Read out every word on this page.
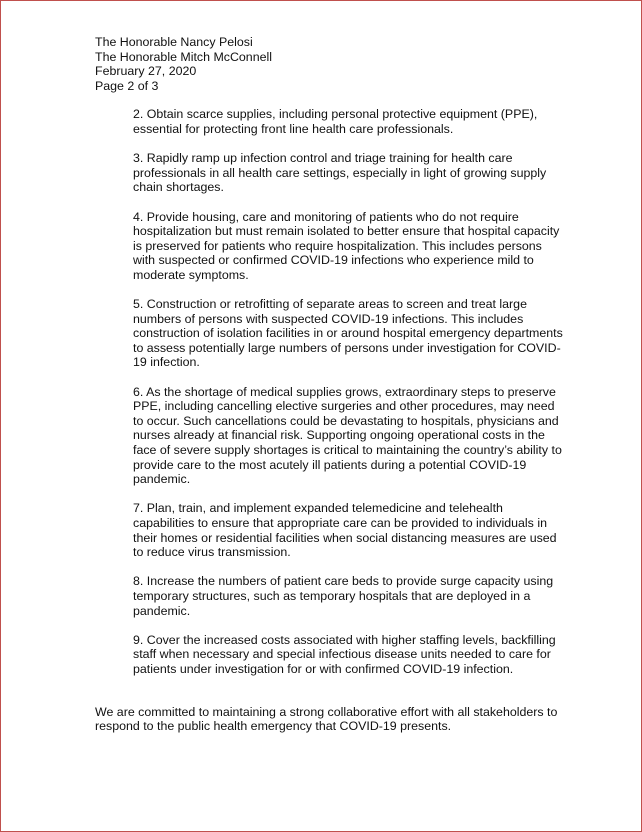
The Honorable Nancy Pelosi
The Honorable Mitch McConnell
February 27, 2020
Page 2 of 3

2. Obtain scarce supplies, including personal protective equipment (PPE), essential for protecting front line health care professionals.

3. Rapidly ramp up infection control and triage training for health care professionals in all health care settings, especially in light of growing supply chain shortages.

4. Provide housing, care and monitoring of patients who do not require hospitalization but must remain isolated to better ensure that hospital capacity is preserved for patients who require hospitalization. This includes persons with suspected or confirmed COVID-19 infections who experience mild to moderate symptoms.

5. Construction or retrofitting of separate areas to screen and treat large numbers of persons with suspected COVID-19 infections. This includes construction of isolation facilities in or around hospital emergency departments to assess potentially large numbers of persons under investigation for COVID-19 infection.

6. As the shortage of medical supplies grows, extraordinary steps to preserve PPE, including cancelling elective surgeries and other procedures, may need to occur. Such cancellations could be devastating to hospitals, physicians and nurses already at financial risk. Supporting ongoing operational costs in the face of severe supply shortages is critical to maintaining the country’s ability to provide care to the most acutely ill patients during a potential COVID-19 pandemic.

7. Plan, train, and implement expanded telemedicine and telehealth capabilities to ensure that appropriate care can be provided to individuals in their homes or residential facilities when social distancing measures are used to reduce virus transmission.

8. Increase the numbers of patient care beds to provide surge capacity using temporary structures, such as temporary hospitals that are deployed in a pandemic.

9. Cover the increased costs associated with higher staffing levels, backfilling staff when necessary and special infectious disease units needed to care for patients under investigation for or with confirmed COVID-19 infection.

We are committed to maintaining a strong collaborative effort with all stakeholders to respond to the public health emergency that COVID-19 presents.
